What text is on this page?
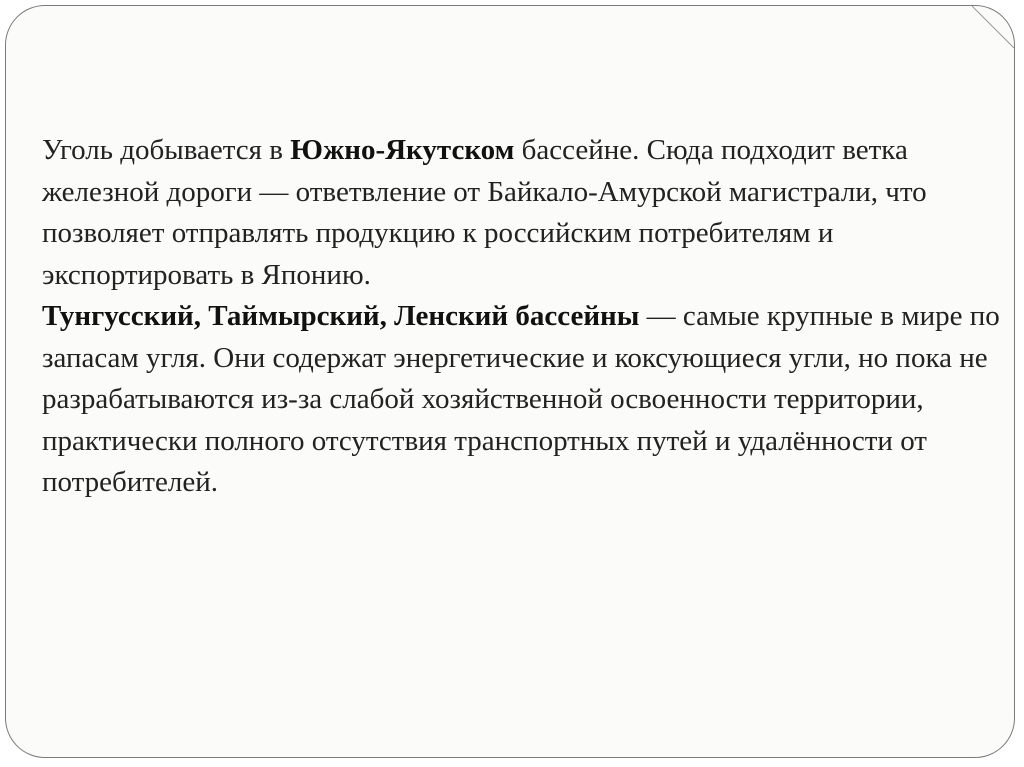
Уголь добывается в Южно-Якутском бассейне. Сюда подходит ветка железной дороги — ответвление от Байкало-Амурской магистрали, что позволяет отправлять продукцию к российским потребителям и экспортировать в Японию.

Тунгусский, Таймырский, Ленский бассейны — самые крупные в мире по запасам угля. Они содержат энергетические и коксующиеся угли, но пока не разрабатываются из-за слабой хозяйственной освоенности территории, практически полного отсутствия транспортных путей и удалённости от потребителей.
